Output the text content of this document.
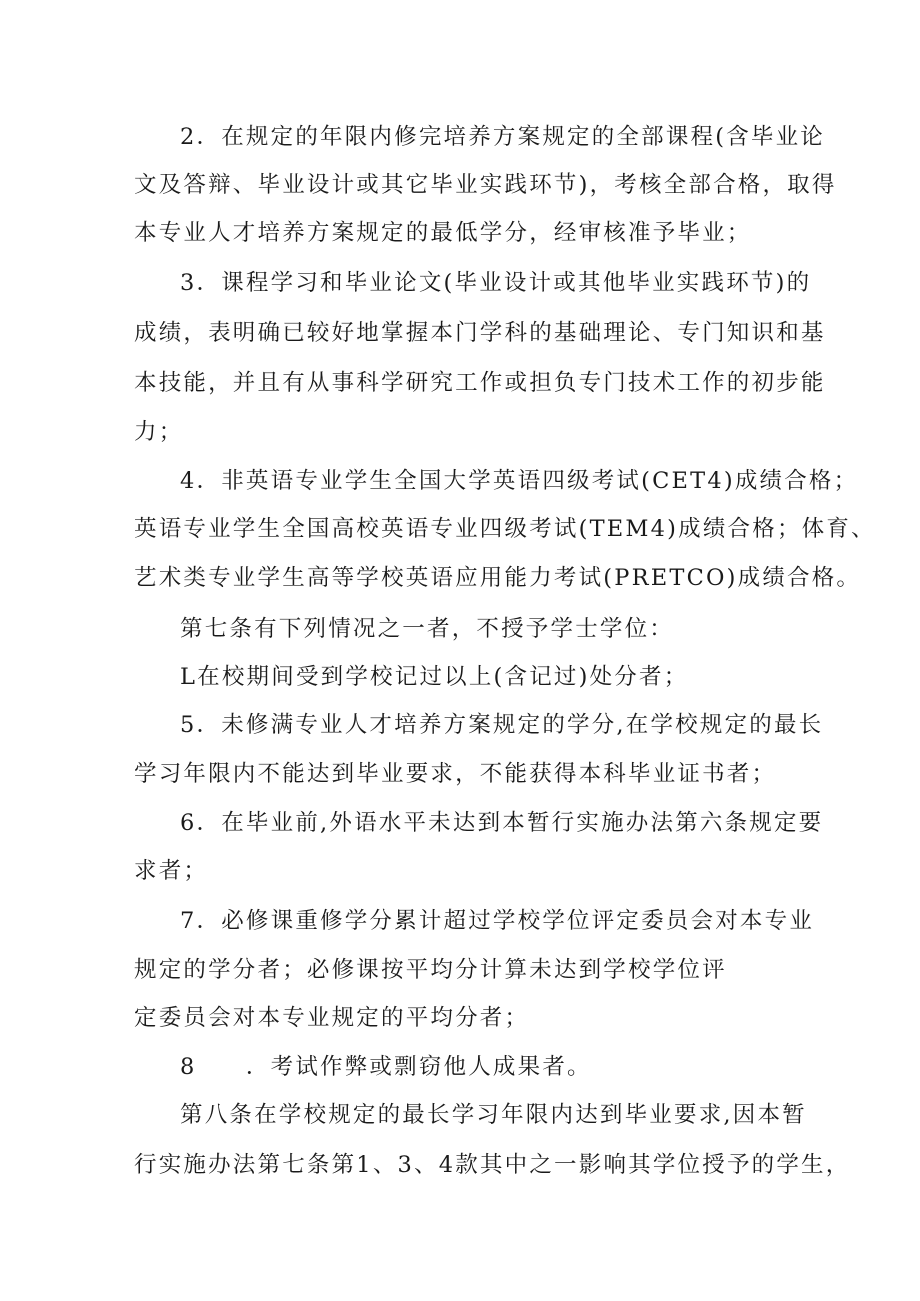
2．在规定的年限内修完培养方案规定的全部课程(含毕业论
文及答辩、毕业设计或其它毕业实践环节)，考核全部合格，取得
本专业人才培养方案规定的最低学分，经审核准予毕业；
3．课程学习和毕业论文(毕业设计或其他毕业实践环节)的
成绩，表明确已较好地掌握本门学科的基础理论、专门知识和基
本技能，并且有从事科学研究工作或担负专门技术工作的初步能
力；
4．非英语专业学生全国大学英语四级考试(CET4)成绩合格；
英语专业学生全国高校英语专业四级考试(TEM4)成绩合格；体育、
艺术类专业学生高等学校英语应用能力考试(PRETCO)成绩合格。
第七条有下列情况之一者，不授予学士学位：
L在校期间受到学校记过以上(含记过)处分者；
5．未修满专业人才培养方案规定的学分,在学校规定的最长
学习年限内不能达到毕业要求，不能获得本科毕业证书者；
6．在毕业前,外语水平未达到本暂行实施办法第六条规定要
求者；
7．必修课重修学分累计超过学校学位评定委员会对本专业
规定的学分者；必修课按平均分计算未达到学校学位评
定委员会对本专业规定的平均分者；
8　　．考试作弊或剽窃他人成果者。
第八条在学校规定的最长学习年限内达到毕业要求,因本暂
行实施办法第七条第1、3、4款其中之一影响其学位授予的学生，
